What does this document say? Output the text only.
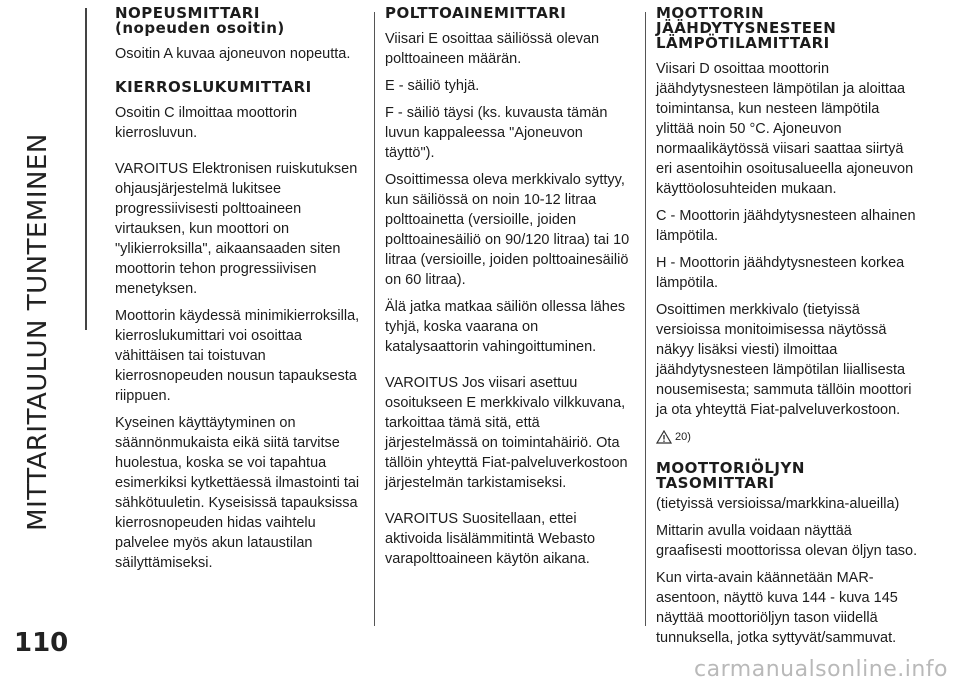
MITTARITAULUN TUNTEMINEN
110
NOPEUSMITTARI
(nopeuden osoitin)

Osoitin A kuvaa ajoneuvon nopeutta.

KIERROSLUKUMITTARI

Osoitin C ilmoittaa moottorin kierrosluvun.

VAROITUS Elektronisen ruiskutuksen ohjausjärjestelmä lukitsee progressiivisesti polttoaineen virtauksen, kun moottori on "ylikierroksilla", aikaansaaden siten moottorin tehon progressiivisen menetyksen.

Moottorin käydessä minimikierroksilla, kierroslukumittari voi osoittaa vähittäisen tai toistuvan kierrosnopeuden nousun tapauksesta riippuen.

Kyseinen käyttäytyminen on säännönmukaista eikä siitä tarvitse huolestua, koska se voi tapahtua esimerkiksi kytkettäessä ilmastointi tai sähkötuuletin. Kyseisissä tapauksissa kierrosnopeuden hidas vaihtelu palvelee myös akun lataustilan säilyttämiseksi.

POLTTOAINEMITTARI

Viisari E osoittaa säiliössä olevan polttoaineen määrän.

E - säiliö tyhjä.

F - säiliö täysi (ks. kuvausta tämän luvun kappaleessa "Ajoneuvon täyttö").

Osoittimessa oleva merkkivalo syttyy, kun säiliössä on noin 10-12 litraa polttoainetta (versioille, joiden polttoainesäiliö on 90/120 litraa) tai 10 litraa (versioille, joiden polttoainesäiliö on 60 litraa).

Älä jatka matkaa säiliön ollessa lähes tyhjä, koska vaarana on katalysaattorin vahingoittuminen.

VAROITUS Jos viisari asettuu osoitukseen E merkkivalo vilkkuvana, tarkoittaa tämä sitä, että järjestelmässä on toimintahäiriö. Ota tällöin yhteyttä Fiat-palveluverkostoon järjestelmän tarkistamiseksi.

VAROITUS Suositellaan, ettei aktivoida lisälämmitintä Webasto varapolttoaineen käytön aikana.

MOOTTORIN
JÄÄHDYTYSNESTEEN
LÄMPÖTILAMITTARI

Viisari D osoittaa moottorin jäähdytysnesteen lämpötilan ja aloittaa toimintansa, kun nesteen lämpötila ylittää noin 50 °C. Ajoneuvon normaalikäytössä viisari saattaa siirtyä eri asentoihin osoitusalueella ajoneuvon käyttöolosuhteiden mukaan.

C - Moottorin jäähdytysnesteen alhainen lämpötila.

H - Moottorin jäähdytysnesteen korkea lämpötila.

Osoittimen merkkivalo (tietyissä versioissa monitoimisessa näytössä näkyy lisäksi viesti) ilmoittaa jäähdytysnesteen lämpötilan liiallisesta nousemisesta; sammuta tällöin moottori ja ota yhteyttä Fiat-palveluverkostoon.

20)
MOOTTORIÖLJYN
TASOMITTARI

(tietyissä versioissa/markkina-alueilla)

Mittarin avulla voidaan näyttää graafisesti moottorissa olevan öljyn taso.

Kun virta-avain käännetään MAR-asentoon, näyttö kuva 144 - kuva 145 näyttää moottoriöljyn tason viidellä tunnuksella, jotka syttyvät/sammuvat.

carmanualsonline.info
